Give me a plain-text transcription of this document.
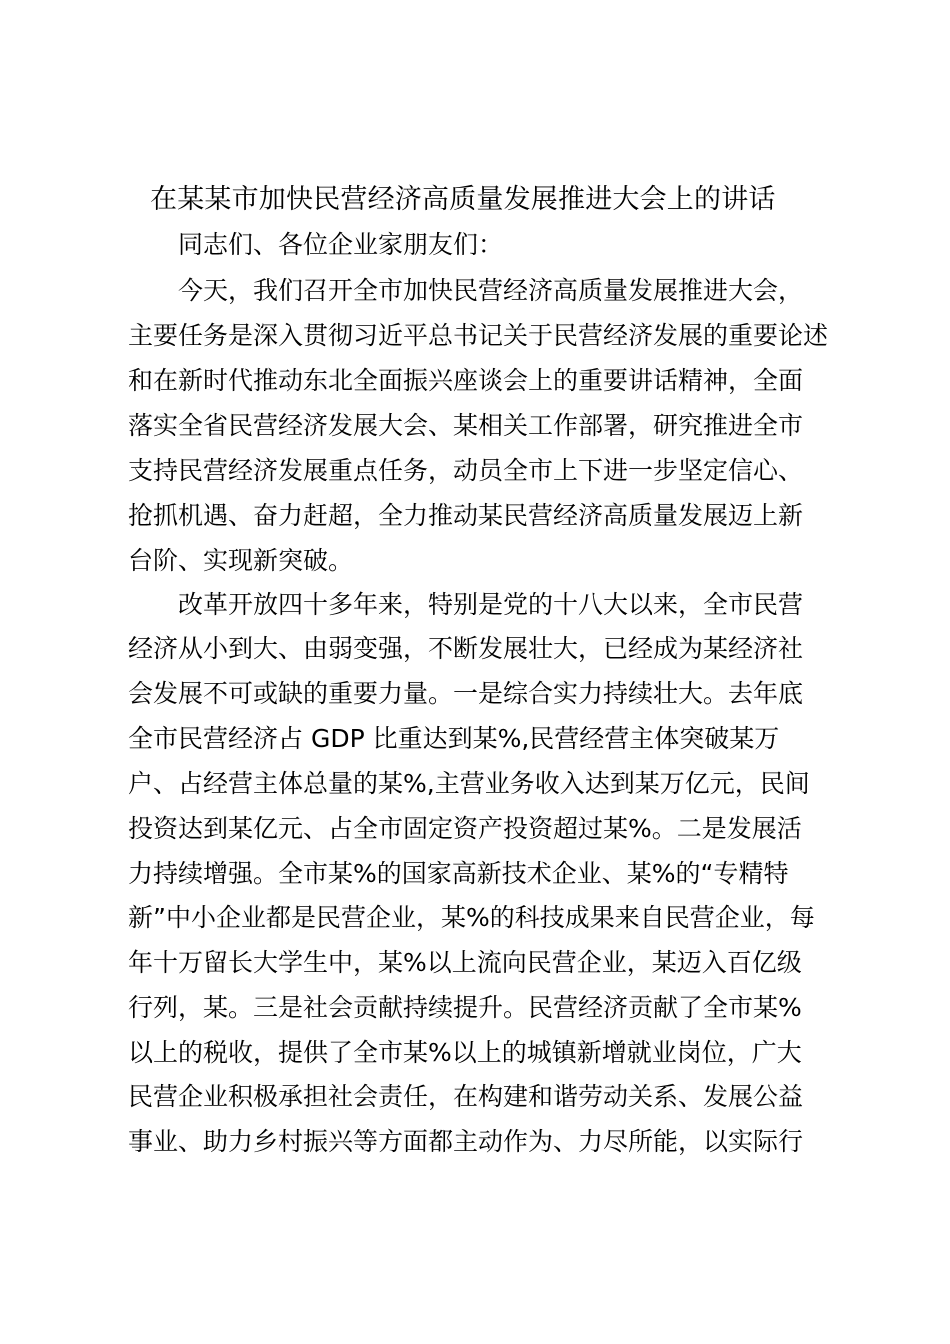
在某某市加快民营经济高质量发展推进大会上的讲话
同志们、各位企业家朋友们：
今天，我们召开全市加快民营经济高质量发展推进大会，
主要任务是深入贯彻习近平总书记关于民营经济发展的重要论述
和在新时代推动东北全面振兴座谈会上的重要讲话精神，全面
落实全省民营经济发展大会、某相关工作部署，研究推进全市
支持民营经济发展重点任务，动员全市上下进一步坚定信心、
抢抓机遇、奋力赶超，全力推动某民营经济高质量发展迈上新
台阶、实现新突破。
改革开放四十多年来，特别是党的十八大以来，全市民营
经济从小到大、由弱变强，不断发展壮大，已经成为某经济社
会发展不可或缺的重要力量。一是综合实力持续壮大。去年底
全市民营经济占 GDP 比重达到某%,民营经营主体突破某万
户、占经营主体总量的某%,主营业务收入达到某万亿元，民间
投资达到某亿元、占全市固定资产投资超过某%。二是发展活
力持续增强。全市某%的国家高新技术企业、某%的“专精特
新”中小企业都是民营企业，某%的科技成果来自民营企业，每
年十万留长大学生中，某%以上流向民营企业，某迈入百亿级
行列，某。三是社会贡献持续提升。民营经济贡献了全市某%
以上的税收，提供了全市某%以上的城镇新增就业岗位，广大
民营企业积极承担社会责任，在构建和谐劳动关系、发展公益
事业、助力乡村振兴等方面都主动作为、力尽所能，以实际行
